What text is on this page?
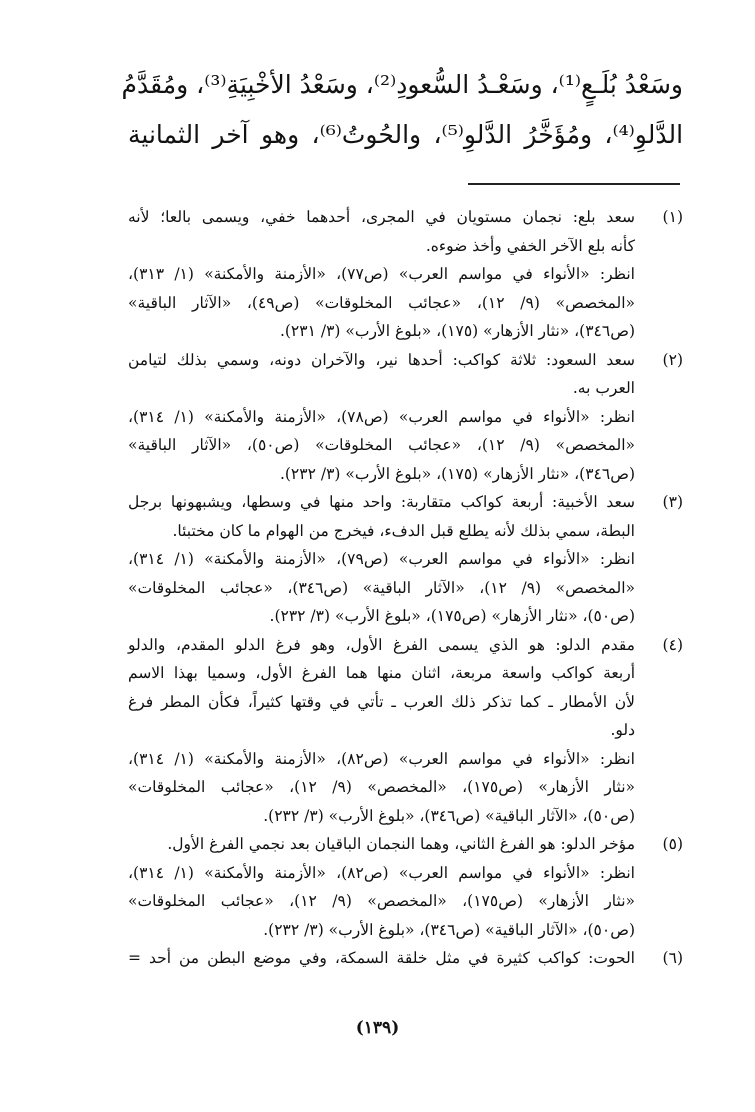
وسَعْدُ بُلَـعٍ⁽¹⁾، وسَعْـدُ السُّعودِ⁽²⁾، وسَعْدُ الأخْبِيَةِ⁽³⁾، ومُقَدَّمُ
الدَّلوِ⁽⁴⁾، ومُؤَخَّرُ الدَّلوِ⁽⁵⁾، والحُوتُ⁽⁶⁾، وهو آخر الثمانية
(١)
سعد بلع: نجمان مستويان في المجرى، أحدهما خفي، ويسمى بالعا؛ لأنه
كأنه بلع الآخر الخفي وأخذ ضوءه.
انظر: «الأنواء في مواسم العرب» (ص٧٧)، «الأزمنة والأمكنة» (١/ ٣١٣)،
«المخصص» (٩/ ١٢)، «عجائب المخلوقات» (ص٤٩)، «الآثار الباقية»
(ص٣٤٦)، «نثار الأزهار» (١٧٥)، «بلوغ الأرب» (٣/ ٢٣١).
(٢)
سعد السعود: ثلاثة كواكب: أحدها نير، والآخران دونه، وسمي بذلك لتيامن
العرب به.
انظر: «الأنواء في مواسم العرب» (ص٧٨)، «الأزمنة والأمكنة» (١/ ٣١٤)،
«المخصص» (٩/ ١٢)، «عجائب المخلوقات» (ص٥٠)، «الآثار الباقية»
(ص٣٤٦)، «نثار الأزهار» (١٧٥)، «بلوغ الأرب» (٣/ ٢٣٢).
(٣)
سعد الأخبية: أربعة كواكب متقاربة: واحد منها في وسطها، ويشبهونها برجل
البطة، سمي بذلك لأنه يطلع قبل الدفء، فيخرج من الهوام ما كان مختبئا.
انظر: «الأنواء في مواسم العرب» (ص٧٩)، «الأزمنة والأمكنة» (١/ ٣١٤)،
«المخصص» (٩/ ١٢)، «الآثار الباقية» (ص٣٤٦)، «عجائب المخلوقات»
(ص٥٠)، «نثار الأزهار» (ص١٧٥)، «بلوغ الأرب» (٣/ ٢٣٢).
(٤)
مقدم الدلو: هو الذي يسمى الفرغ الأول، وهو فرغ الدلو المقدم، والدلو
أربعة كواكب واسعة مربعة، اثنان منها هما الفرغ الأول، وسميا بهذا الاسم
لأن الأمطار ـ كما تذكر ذلك العرب ـ تأتي في وقتها كثيراً، فكأن المطر فرغ
دلو.
انظر: «الأنواء في مواسم العرب» (ص٨٢)، «الأزمنة والأمكنة» (١/ ٣١٤)،
«نثار الأزهار» (ص١٧٥)، «المخصص» (٩/ ١٢)، «عجائب المخلوقات»
(ص٥٠)، «الآثار الباقية» (ص٣٤٦)، «بلوغ الأرب» (٣/ ٢٣٢).
(٥)
مؤخر الدلو: هو الفرغ الثاني، وهما النجمان الباقيان بعد نجمي الفرغ الأول.
انظر: «الأنواء في مواسم العرب» (ص٨٢)، «الأزمنة والأمكنة» (١/ ٣١٤)،
«نثار الأزهار» (ص١٧٥)، «المخصص» (٩/ ١٢)، «عجائب المخلوقات»
(ص٥٠)، «الآثار الباقية» (ص٣٤٦)، «بلوغ الأرب» (٣/ ٢٣٢).
(٦)
الحوت: كواكب كثيرة في مثل خلقة السمكة، وفي موضع البطن من أحد =
(١٣٩)
